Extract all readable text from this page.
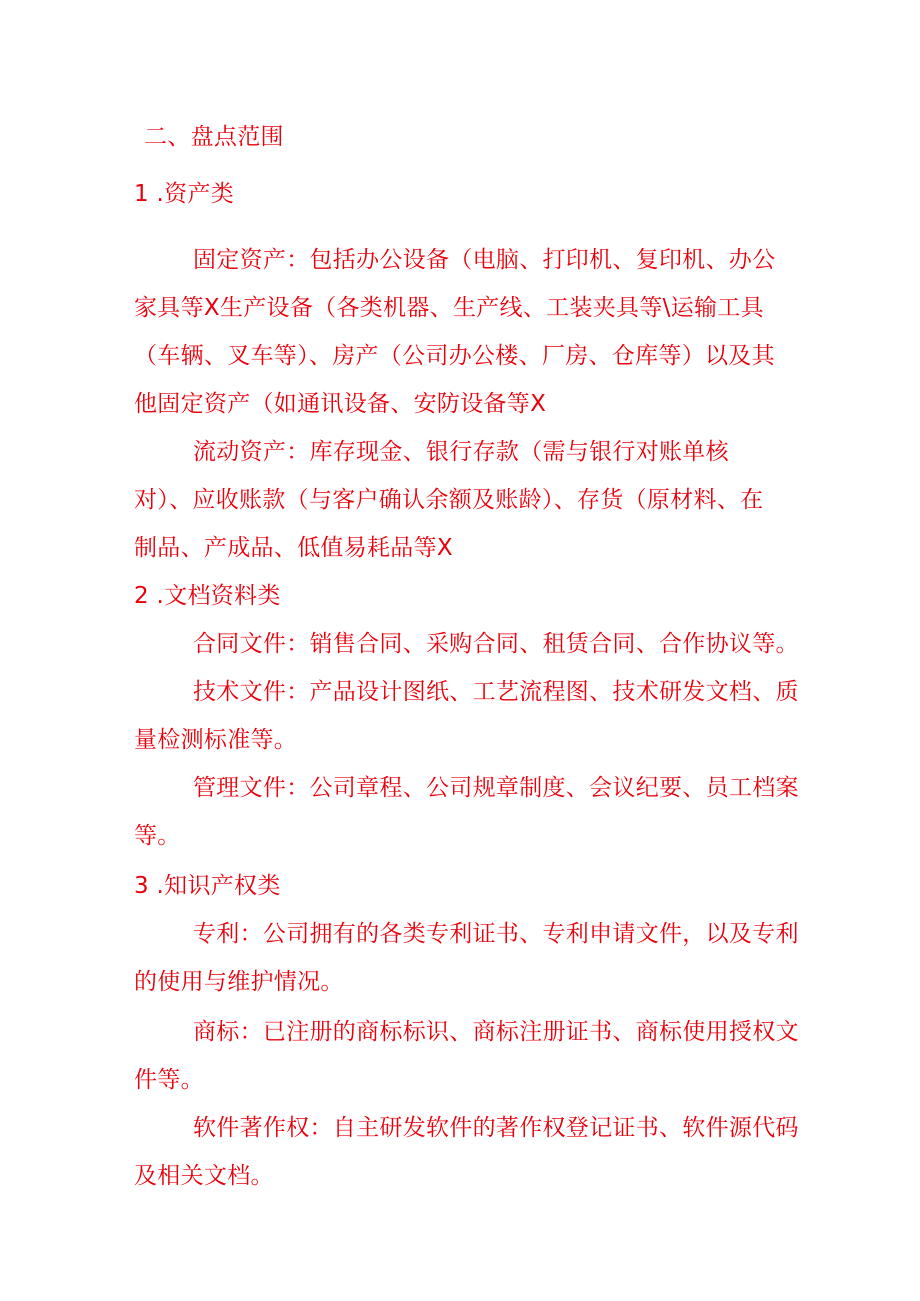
二、盘点范围
1 .资产类
固定资产：包括办公设备（电脑、打印机、复印机、办公
家具等X生产设备（各类机器、生产线、工装夹具等\运输工具
（车辆、叉车等）、房产（公司办公楼、厂房、仓库等）以及其
他固定资产（如通讯设备、安防设备等X
流动资产：库存现金、银行存款（需与银行对账单核
对）、应收账款（与客户确认余额及账龄）、存货（原材料、在
制品、产成品、低值易耗品等X
2 .文档资料类
合同文件：销售合同、采购合同、租赁合同、合作协议等。
技术文件：产品设计图纸、工艺流程图、技术研发文档、质
量检测标准等。
管理文件：公司章程、公司规章制度、会议纪要、员工档案
等。
3 .知识产权类
专利：公司拥有的各类专利证书、专利申请文件，以及专利
的使用与维护情况。
商标：已注册的商标标识、商标注册证书、商标使用授权文
件等。
软件著作权：自主研发软件的著作权登记证书、软件源代码
及相关文档。
